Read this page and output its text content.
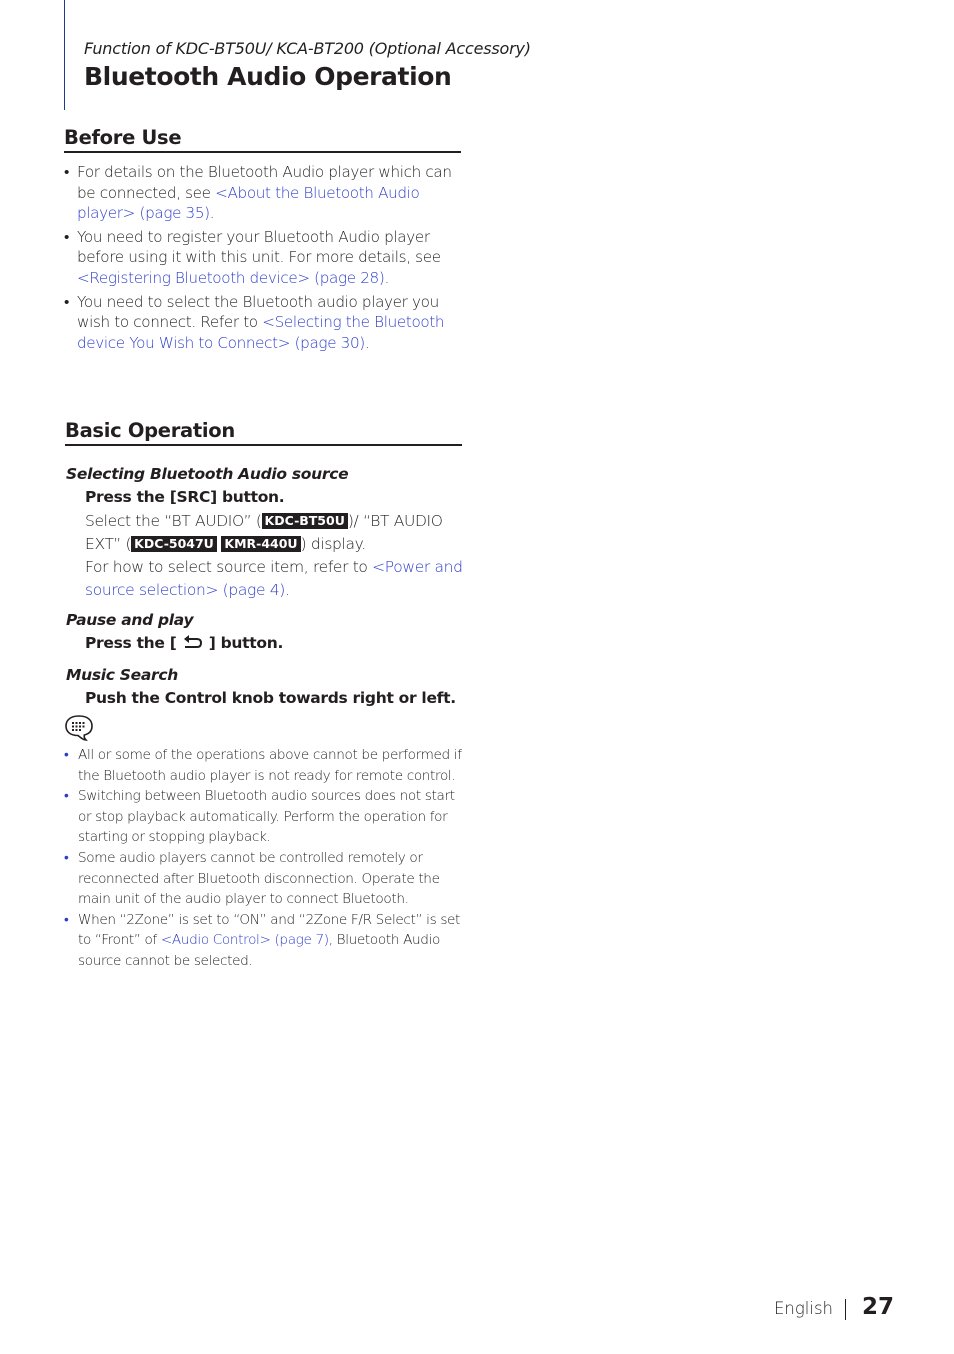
Function of KDC-BT50U/ KCA-BT200 (Optional Accessory)
Bluetooth Audio Operation
Before Use
• For details on the Bluetooth Audio player which can be connected, see <About the Bluetooth Audio player> (page 35).
• You need to register your Bluetooth Audio player before using it with this unit. For more details, see <Registering Bluetooth device> (page 28).
• You need to select the Bluetooth audio player you wish to connect. Refer to <Selecting the Bluetooth device You Wish to Connect> (page 30).
Basic Operation
Selecting Bluetooth Audio source
Press the [SRC] button.
Select the “BT AUDIO” ( KDC-BT50U )/ “BT AUDIO EXT” ( KDC-5047U KMR-440U ) display.
For how to select source item, refer to <Power and source selection> (page 4).
Pause and play
Press the [ ] button.
Music Search
Push the Control knob towards right or left.
• All or some of the operations above cannot be performed if the Bluetooth audio player is not ready for remote control.
• Switching between Bluetooth audio sources does not start or stop playback automatically. Perform the operation for starting or stopping playback.
• Some audio players cannot be controlled remotely or reconnected after Bluetooth disconnection. Operate the main unit of the audio player to connect Bluetooth.
• When “2Zone” is set to “ON” and “2Zone F/R Select” is set to “Front” of <Audio Control> (page 7), Bluetooth Audio source cannot be selected.
English 27
